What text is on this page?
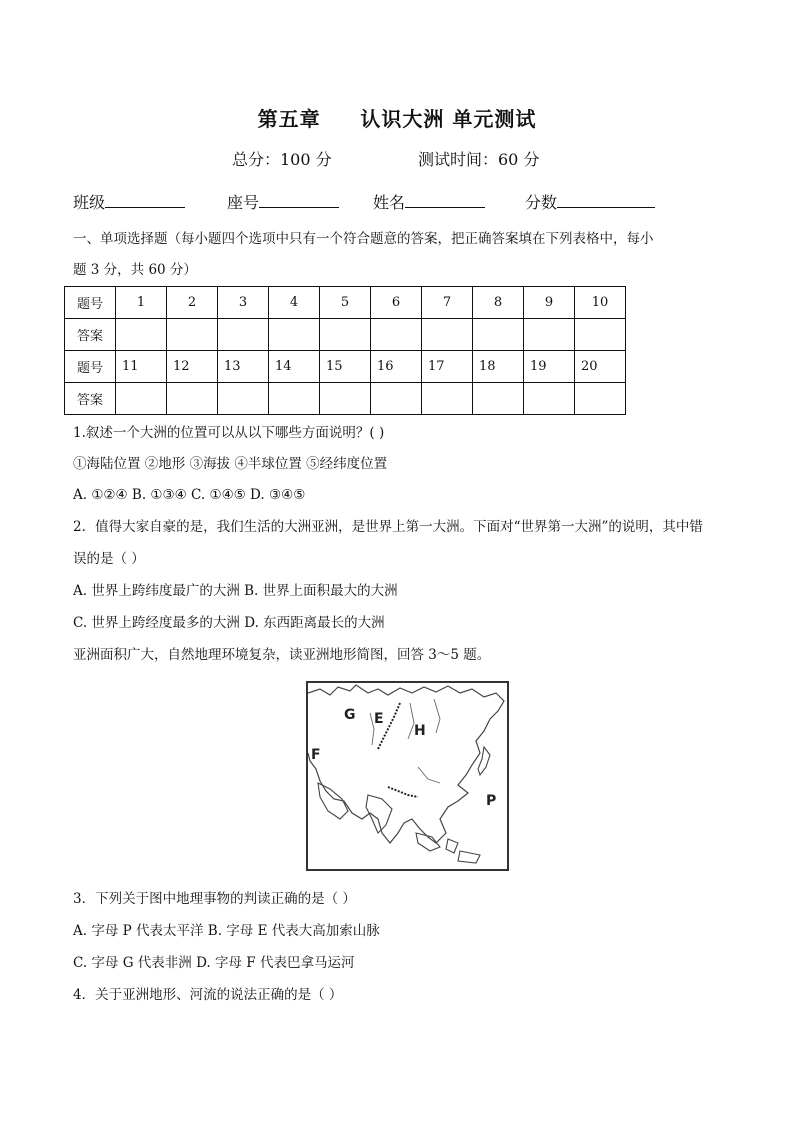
第五章     认识大洲 单元测试
总分：100 分	测试时间：60 分
班级	座号	姓名	分数
一、单项选择题（每小题四个选项中只有一个符合题意的答案，把正确答案填在下列表格中，每小
题 3 分，共 60 分）
题号	1	2	3	4	5	6	7	8	9	10
答案										
题号	11	12	13	14	15	16	17	18	19	20
答案										
1.叙述一个大洲的位置可以从以下哪些方面说明？( )
①海陆位置 ②地形 ③海拔 ④半球位置 ⑤经纬度位置
A. ①②④ B. ①③④ C. ①④⑤ D. ③④⑤
2．值得大家自豪的是，我们生活的大洲亚洲，是世界上第一大洲。下面对“世界第一大洲”的说明，其中错
误的是（ ）
A. 世界上跨纬度最广的大洲 B. 世界上面积最大的大洲
C. 世界上跨经度最多的大洲 D. 东西距离最长的大洲
亚洲面积广大，自然地理环境复杂，读亚洲地形简图，回答 3～5 题。
G E
H
F
P
3．下列关于图中地理事物的判读正确的是（ ）
A. 字母 P 代表太平洋 B. 字母 E 代表大高加索山脉
C. 字母 G 代表非洲 D. 字母 F 代表巴拿马运河
4．关于亚洲地形、河流的说法正确的是（ ）
